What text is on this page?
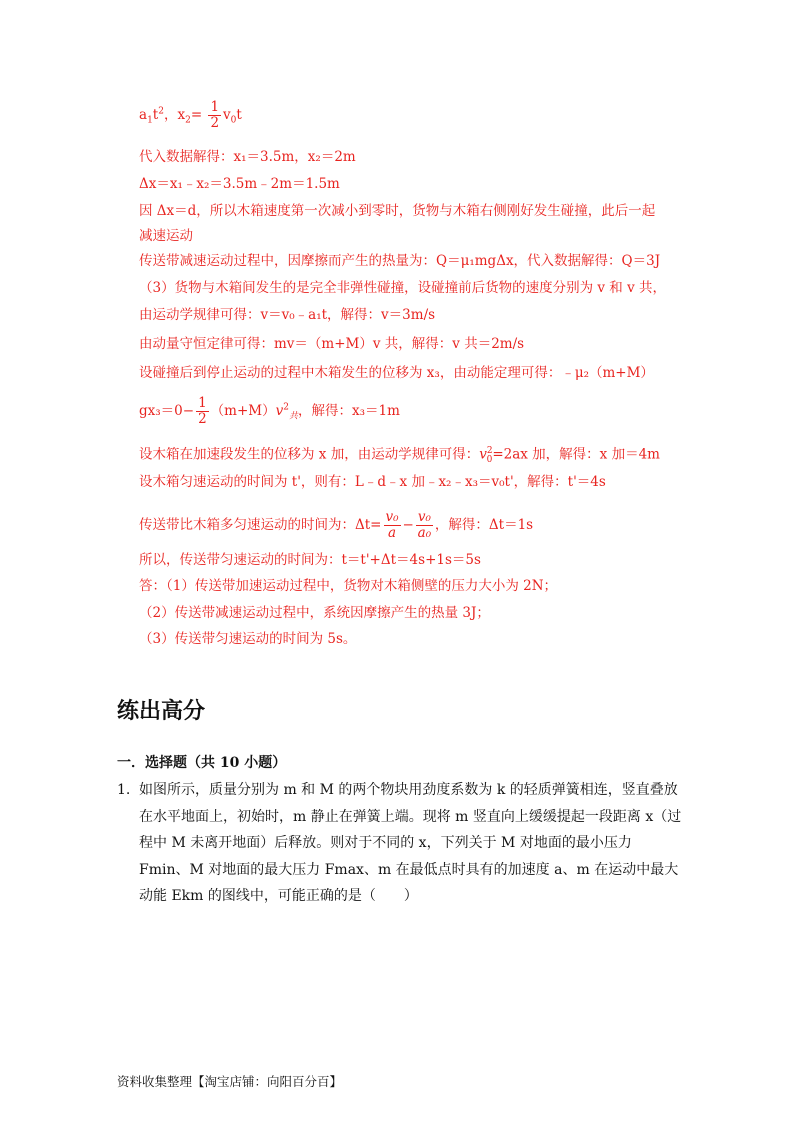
$a_1t^2$，$x_2= \frac{1}{2} v_0t$
代入数据解得：x₁＝3.5m，x₂＝2m
Δx＝x₁﹣x₂＝3.5m﹣2m＝1.5m
因 Δx＝d，所以木箱速度第一次减小到零时，货物与木箱右侧刚好发生碰撞，此后一起
减速运动
传送带减速运动过程中，因摩擦而产生的热量为：Q＝μ₁mgΔx，代入数据解得：Q＝3J
（3）货物与木箱间发生的是完全非弹性碰撞，设碰撞前后货物的速度分别为 v 和 v 共，
由运动学规律可得：v＝v₀﹣a₁t，解得：v＝3m/s
由动量守恒定律可得：mv＝（m+M）v 共，解得：v 共＝2m/s
设碰撞后到停止运动的过程中木箱发生的位移为 x₃，由动能定理可得：﹣μ₂（m+M）
$gx_3=0- \frac{1}{2} (m+M)v^2_共$，解得：x₃＝1m
设木箱在加速段发生的位移为 x 加，由运动学规律可得：$v^2_0=2ax$ 加，解得：x 加＝4m
设木箱匀速运动的时间为 t'，则有：L﹣d﹣x 加﹣x₂﹣x₃＝v₀t'，解得：t'＝4s
传送带比木箱多匀速运动的时间为：$\Delta t= \frac{\text{v₀}}{a} - \frac{\text{v₀}}{\text{a₀}}$ ，解得：Δt＝1s
所以，传送带匀速运动的时间为：t＝t'+Δt＝4s+1s＝5s
答：（1）传送带加速运动过程中，货物对木箱侧壁的压力大小为 2N；
（2）传送带减速运动过程中，系统因摩擦产生的热量 3J；
（3）传送带匀速运动的时间为 5s。
练出高分
一．选择题（共 10 小题）
1. 如图所示，质量分别为 m 和 M 的两个物块用劲度系数为 k 的轻质弹簧相连，竖直叠放在水平地面上，初始时，m 静止在弹簧上端。现将 m 竖直向上缓缓提起一段距离 x（过程中 M 未离开地面）后释放。则对于不同的 x，下列关于 M 对地面的最小压力 Fmin、M 对地面的最大压力 Fmax、m 在最低点时具有的加速度 a、m 在运动中最大动能 Ekm 的图线中，可能正确的是（　　）
资料收集整理【淘宝店铺：向阳百分百】
